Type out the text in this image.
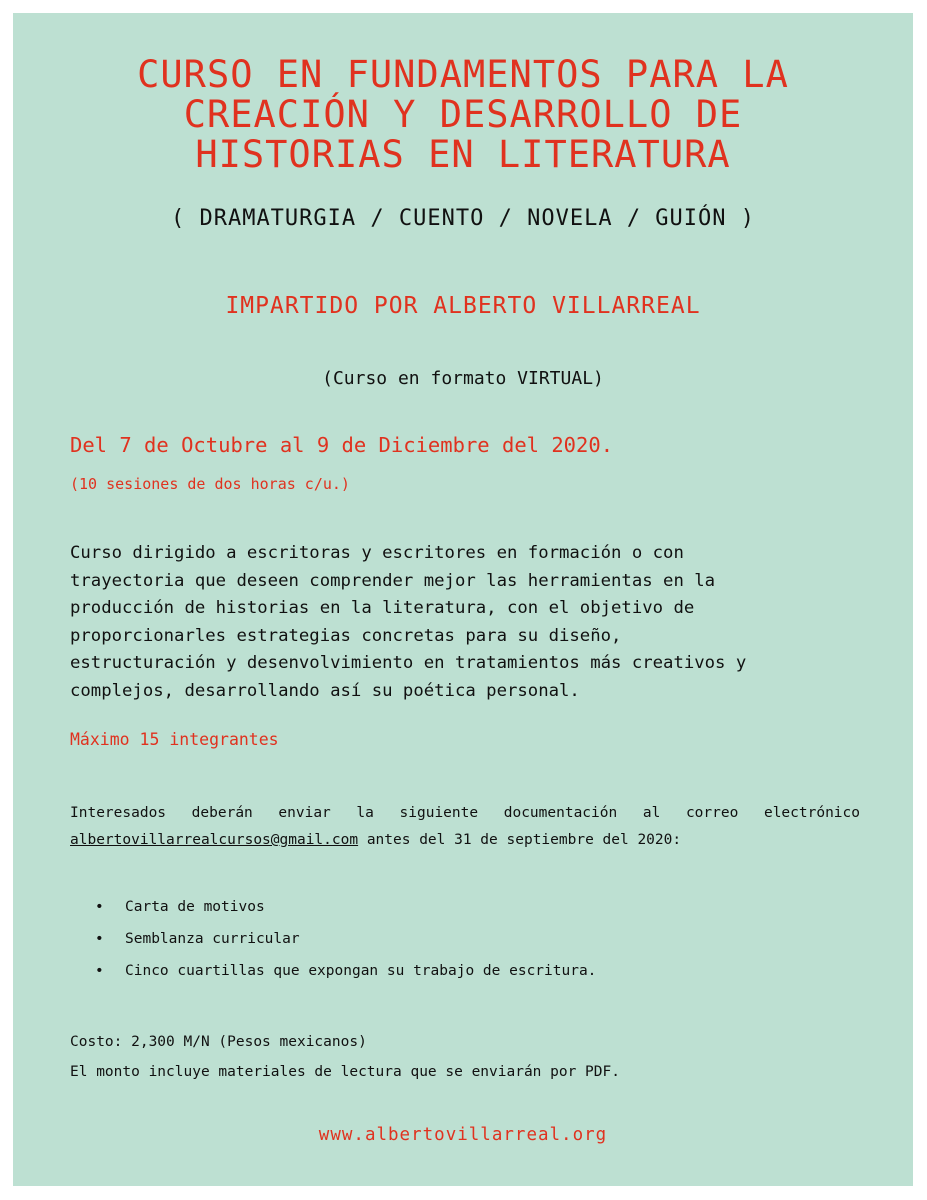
CURSO EN FUNDAMENTOS PARA LA
CREACIÓN Y DESARROLLO DE
HISTORIAS EN LITERATURA
( DRAMATURGIA / CUENTO / NOVELA / GUIÓN )
IMPARTIDO POR ALBERTO VILLARREAL
(Curso en formato VIRTUAL)
Del 7 de Octubre al 9 de Diciembre del 2020.
(10 sesiones de dos horas c/u.)

Curso dirigido a escritoras y escritores en formación o con
trayectoria que deseen comprender mejor las herramientas en la
producción de historias en la literatura, con el objetivo de
proporcionarles estrategias concretas para su diseño,
estructuración y desenvolvimiento en tratamientos más creativos y
complejos, desarrollando así su poética personal.

Máximo 15 integrantes
Interesados deberán enviar la siguiente documentación al correo electrónico
albertovillarrealcursos@gmail.com antes del 31 de septiembre del 2020:
•	Carta de motivos
•	Semblanza curricular
•	Cinco cuartillas que expongan su trabajo de escritura.
Costo: 2,300 M/N (Pesos mexicanos)
El monto incluye materiales de lectura que se enviarán por PDF.
www.albertovillarreal.org
